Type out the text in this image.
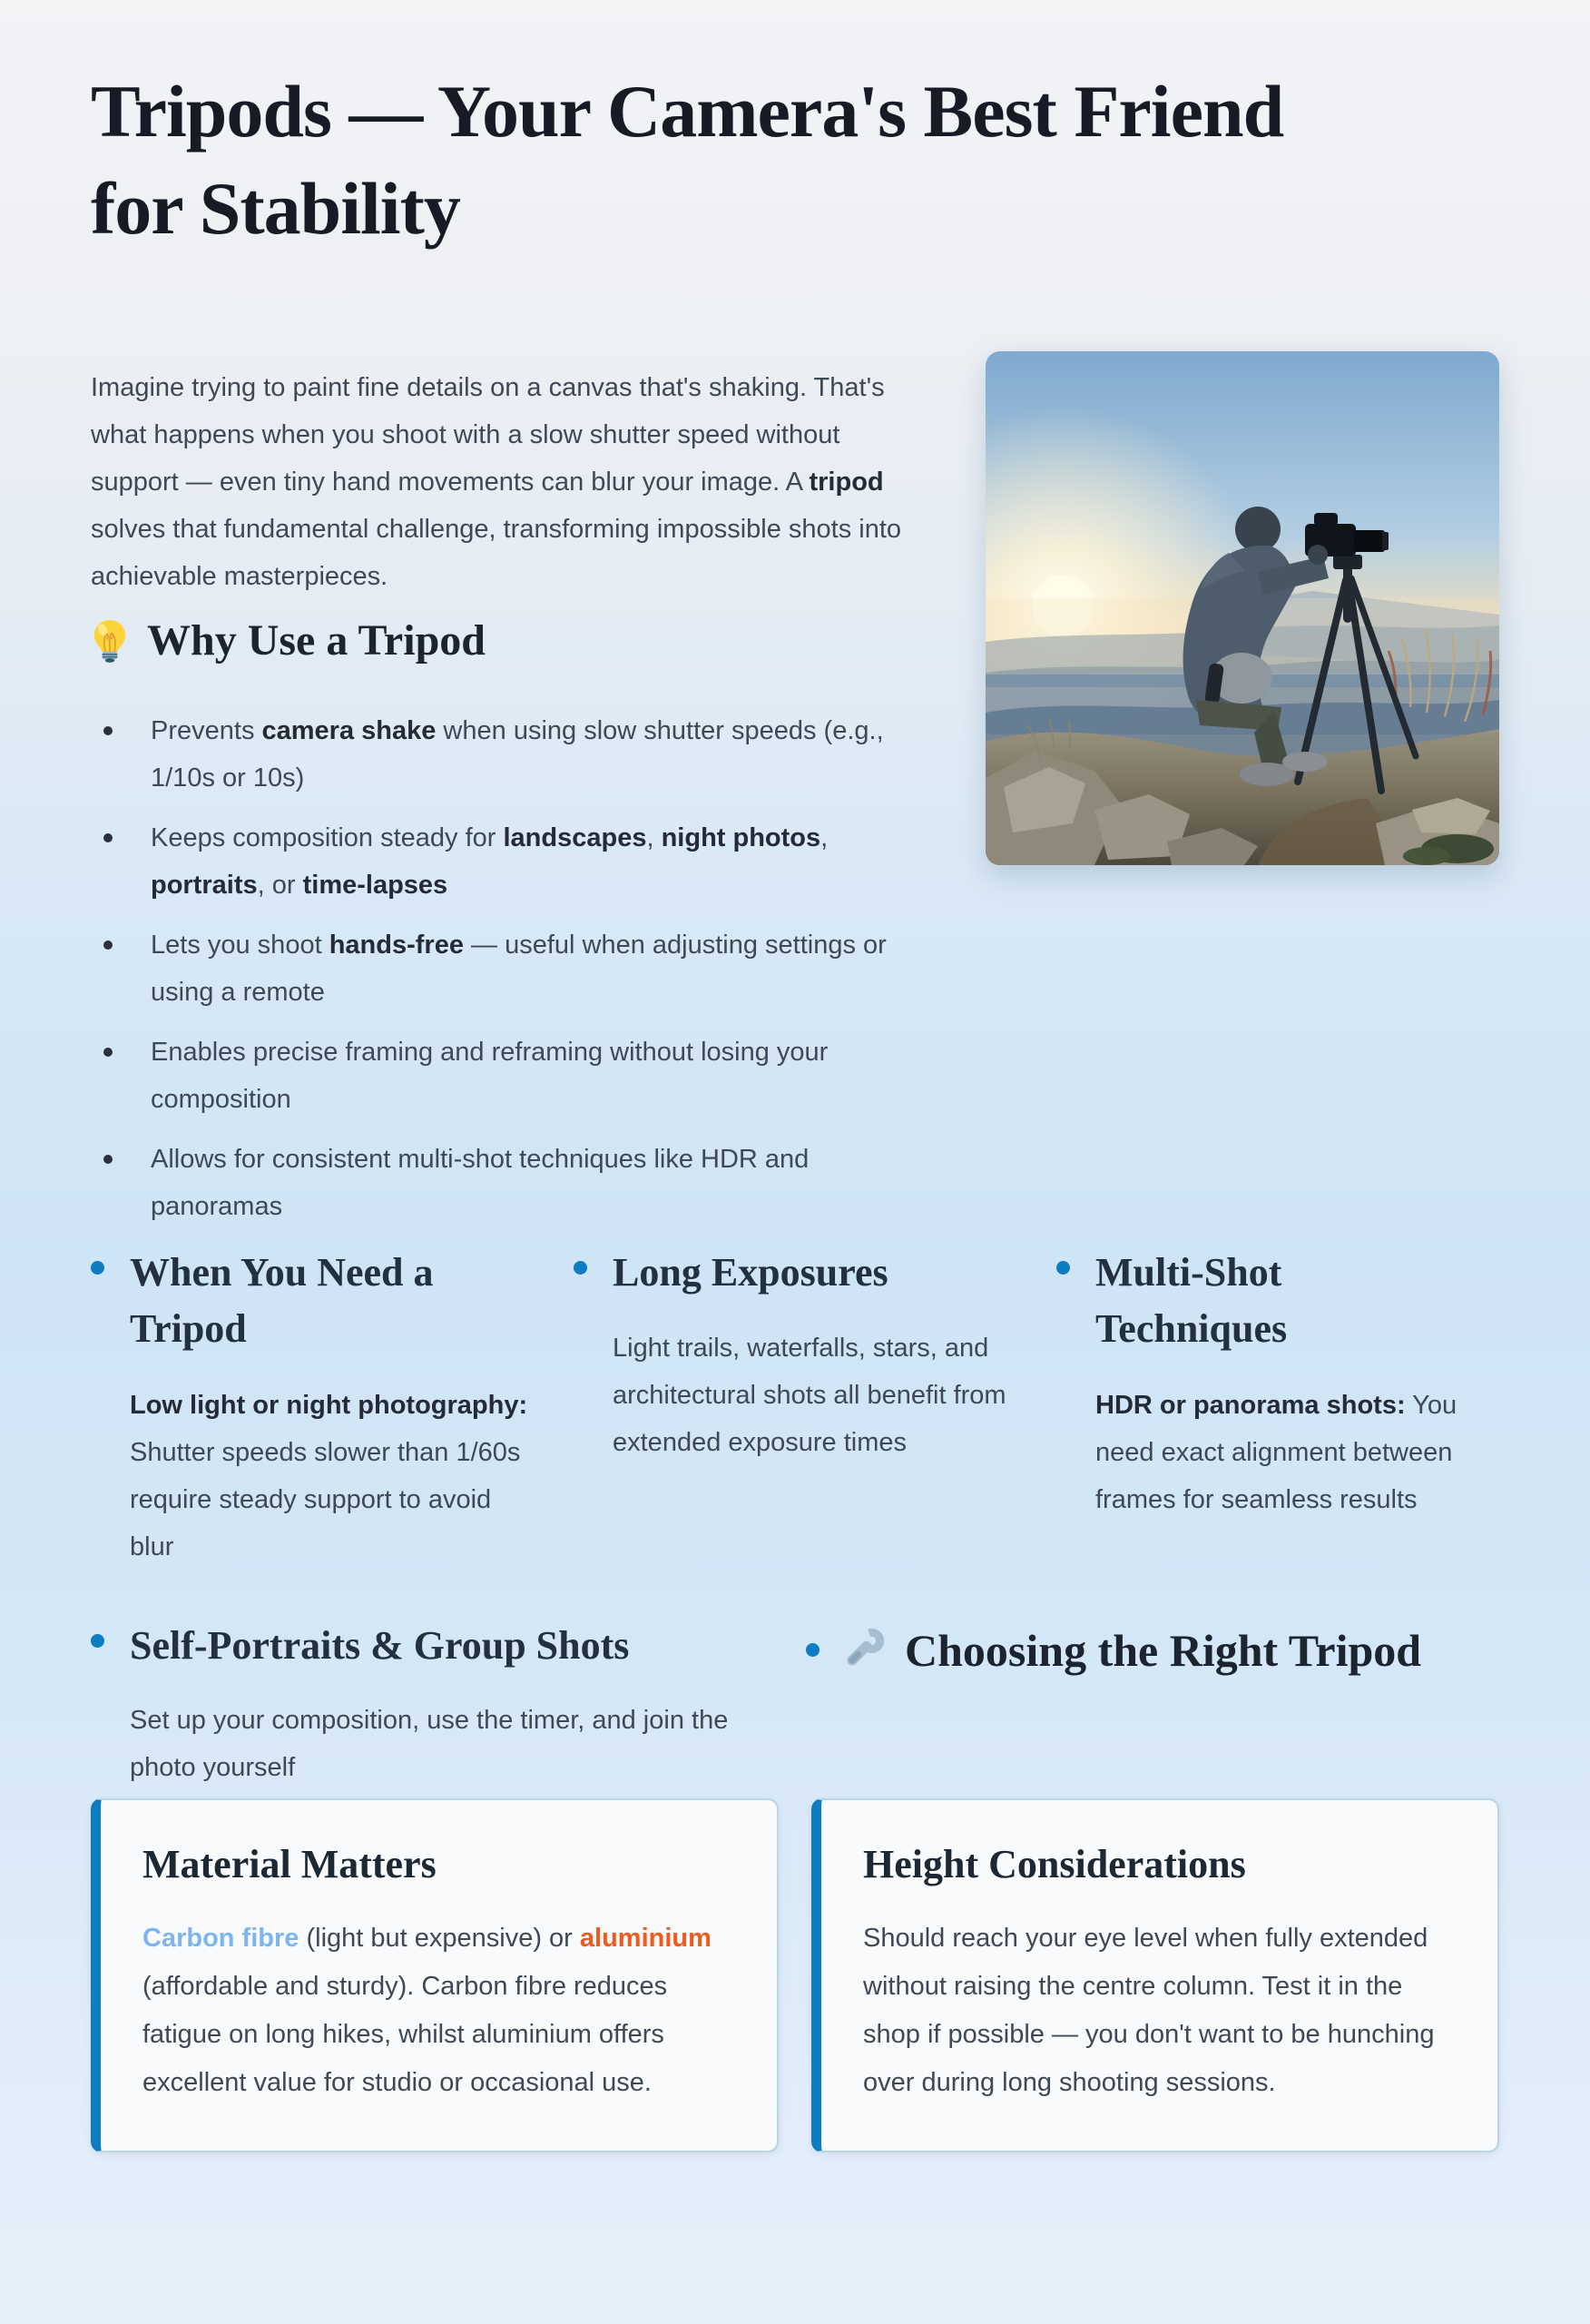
Tripods — Your Camera's Best Friend for Stability

Imagine trying to paint fine details on a canvas that's shaking. That's what happens when you shoot with a slow shutter speed without support — even tiny hand movements can blur your image. A tripod solves that fundamental challenge, transforming impossible shots into achievable masterpieces.

Why Use a Tripod
Prevents camera shake when using slow shutter speeds (e.g., 1/10s or 10s)
Keeps composition steady for landscapes, night photos, portraits, or time-lapses
Lets you shoot hands-free — useful when adjusting settings or using a remote
Enables precise framing and reframing without losing your composition
Allows for consistent multi-shot techniques like HDR and panoramas
When You Need a Tripod

Low light or night photography: Shutter speeds slower than 1/60s require steady support to avoid blur

Long Exposures

Light trails, waterfalls, stars, and architectural shots all benefit from extended exposure times

Multi-Shot Techniques

HDR or panorama shots: You need exact alignment between frames for seamless results

Self-Portraits & Group Shots

Set up your composition, use the timer, and join the photo yourself

Choosing the Right Tripod
Material Matters

Carbon fibre (light but expensive) or aluminium (affordable and sturdy). Carbon fibre reduces fatigue on long hikes, whilst aluminium offers excellent value for studio or occasional use.

Height Considerations

Should reach your eye level when fully extended without raising the centre column. Test it in the shop if possible — you don't want to be hunching over during long shooting sessions.
